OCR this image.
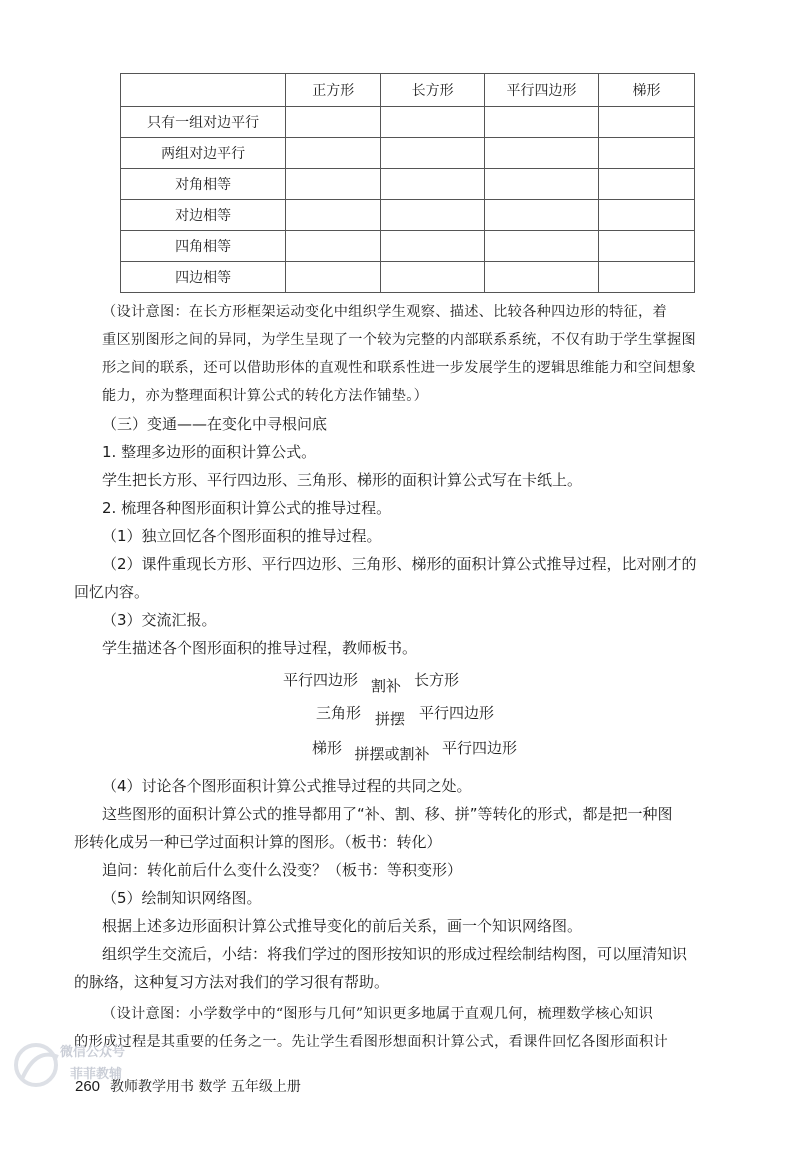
	正方形	长方形	平行四边形	梯形
只有一组对边平行				
两组对边平行				
对角相等				
对边相等				
四角相等				
四边相等				

（设计意图：在长方形框架运动变化中组织学生观察、描述、比较各种四边形的特征，着

重区别图形之间的异同，为学生呈现了一个较为完整的内部联系系统，不仅有助于学生掌握图

形之间的联系，还可以借助形体的直观性和联系性进一步发展学生的逻辑思维能力和空间想象

能力，亦为整理面积计算公式的转化方法作铺垫。）

（三）变通——在变化中寻根问底

1. 整理多边形的面积计算公式。

学生把长方形、平行四边形、三角形、梯形的面积计算公式写在卡纸上。

2. 梳理各种图形面积计算公式的推导过程。

（1）独立回忆各个图形面积的推导过程。

（2）课件重现长方形、平行四边形、三角形、梯形的面积计算公式推导过程，比对刚才的

回忆内容。

（3）交流汇报。

学生描述各个图形面积的推导过程，教师板书。

平行四边形 割补 长方形
三角形 拼摆 平行四边形
梯形 拼摆或割补 平行四边形

（4）讨论各个图形面积计算公式推导过程的共同之处。

这些图形的面积计算公式的推导都用了“补、割、移、拼”等转化的形式，都是把一种图

形转化成另一种已学过面积计算的图形。（板书：转化）

追问：转化前后什么变什么没变？（板书：等积变形）

（5）绘制知识网络图。

根据上述多边形面积计算公式推导变化的前后关系，画一个知识网络图。

组织学生交流后，小结：将我们学过的图形按知识的形成过程绘制结构图，可以厘清知识

的脉络，这种复习方法对我们的学习很有帮助。

（设计意图：小学数学中的“图形与几何”知识更多地属于直观几何，梳理数学核心知识

的形成过程是其重要的任务之一。先让学生看图形想面积计算公式，看课件回忆各图形面积计

微信公众号
菲菲教辅
260 教师教学用书 数学 五年级上册
